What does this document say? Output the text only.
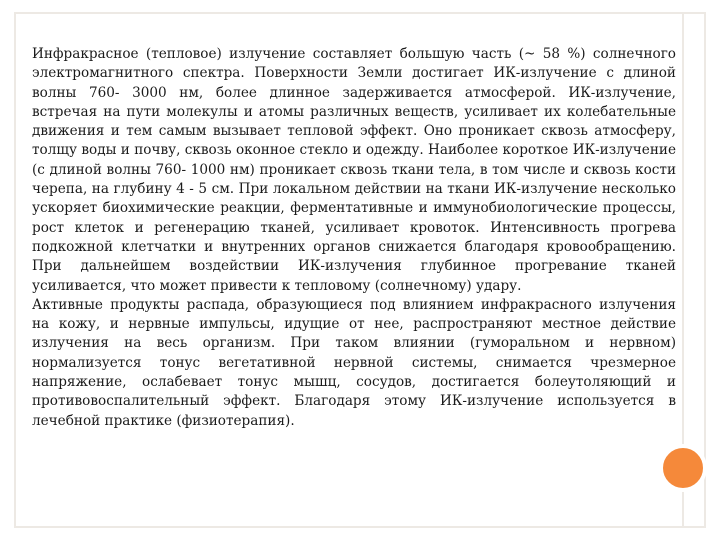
Инфракрасное (тепловое) излучение составляет большую часть (~ 58 %) солнечного электромагнитного спектра. Поверхности Земли достигает ИК-излучение с длиной волны 760- 3000 нм, более длинное задерживается атмосферой. ИК-излучение, встречая на пути молекулы и атомы различных веществ, усиливает их колебательные движения и тем самым вызывает тепловой эффект. Оно проникает сквозь атмосферу, толщу воды и почву, сквозь оконное стекло и одежду. Наиболее короткое ИК-излучение (с длиной волны 760- 1000 нм) проникает сквозь ткани тела, в том числе и сквозь кости черепа, на глубину 4 - 5 см. При локальном действии на ткани ИК-излучение несколько ускоряет биохимические реакции, ферментативные и иммунобиологические процессы, рост клеток и регенерацию тканей, усиливает кровоток. Интенсивность прогрева подкожной клетчатки и внутренних органов снижается благодаря кровообращению. При дальнейшем воздействии ИК-излучения глубинное прогревание тканей усиливается, что может привести к тепловому (солнечному) удару.

Активные продукты распада, образующиеся под влиянием инфракрасного излучения на кожу, и нервные импульсы, идущие от нее, распространяют местное действие излучения на весь организм. При таком влиянии (гуморальном и нервном) нормализуется тонус вегетативной нервной системы, снимается чрезмерное напряжение, ослабевает тонус мышц, сосудов, достигается болеутоляющий и противовоспалительный эффект. Благодаря этому ИК-излучение используется в лечебной практике (физиотерапия).
